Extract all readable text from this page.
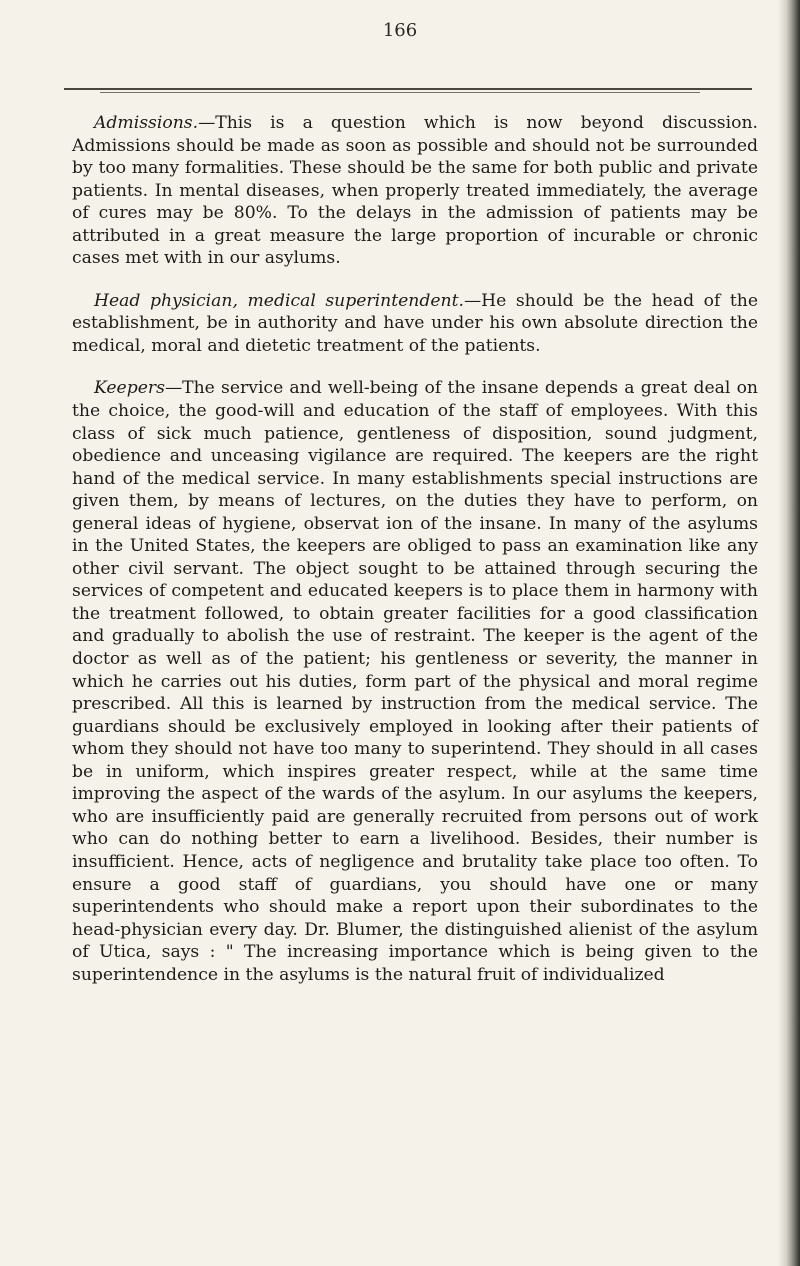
166

Admissions.—This is a question which is now beyond discussion. Admissions should be made as soon as possible and should not be surrounded by too many formalities. These should be the same for both public and private patients. In mental diseases, when properly treated immediately, the average of cures may be 80%. To the delays in the admission of patients may be attributed in a great measure the large proportion of incurable or chronic cases met with in our asylums.

Head physician, medical superintendent.—He should be the head of the establishment, be in authority and have under his own absolute direction the medical, moral and dietetic treatment of the patients.

Keepers—The service and well-being of the insane depends a great deal on the choice, the good-will and education of the staff of employees. With this class of sick much patience, gentleness of disposition, sound judgment, obedience and unceasing vigilance are required. The keepers are the right hand of the medical service. In many establishments special instructions are given them, by means of lectures, on the duties they have to perform, on general ideas of hygiene, observat ion of the insane. In many of the asylums in the United States, the keepers are obliged to pass an examination like any other civil servant. The object sought to be attained through securing the services of competent and educated keepers is to place them in harmony with the treatment followed, to obtain greater facilities for a good classification and gradually to abolish the use of restraint. The keeper is the agent of the doctor as well as of the patient; his gentleness or severity, the manner in which he carries out his duties, form part of the physical and moral regime prescribed. All this is learned by instruction from the medical service. The guardians should be exclusively employed in looking after their patients of whom they should not have too many to superintend. They should in all cases be in uniform, which inspires greater respect, while at the same time improving the aspect of the wards of the asylum. In our asylums the keepers, who are insufficiently paid are generally recruited from persons out of work who can do nothing better to earn a livelihood. Besides, their number is insufficient. Hence, acts of negligence and brutality take place too often. To ensure a good staff of guardians, you should have one or many superintendents who should make a report upon their subordinates to the head-physician every day. Dr. Blumer, the distinguished alienist of the asylum of Utica, says : " The increasing importance which is being given to the superintendence in the asylums is the natural fruit of individualized
